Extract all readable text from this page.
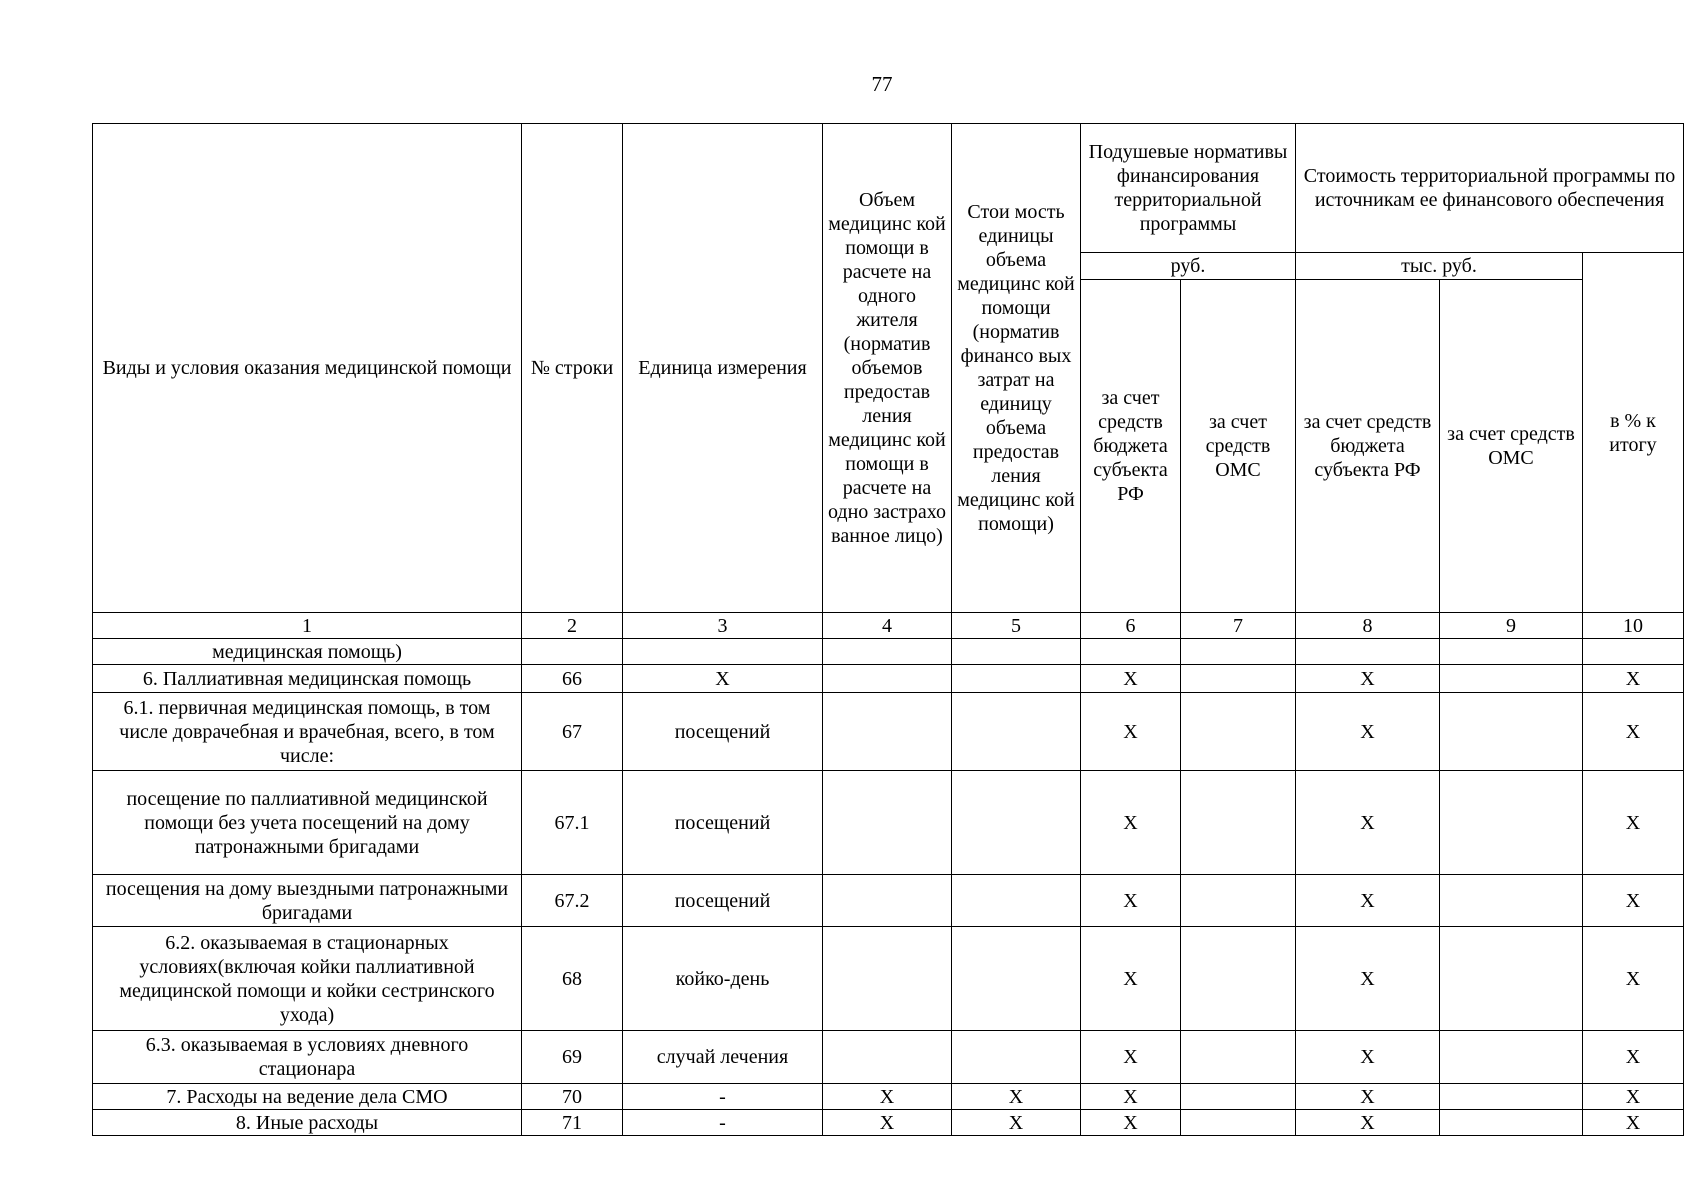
77
Виды и условия оказания медицинской помощи	№ строки	Единица измерения	Объем медицинс кой помощи в расчете на одного жителя (норматив объемов предостав ления медицинс кой помощи в расчете на одно застрахо ванное лицо)	Стои мость единицы объема медицинс кой помощи (норматив финансо вых затрат на единицу объема предостав ления медицинс кой помощи)	Подушевые нормативы финансирования территориальной программы		Стоимость территориальной программы по источникам ее финансового обеспечения		
					руб.		тыс. руб.		в % к итогу
					за счет средств бюджета субъекта РФ	за счет средств ОМС	за счет средств бюджета субъекта РФ	за счет средств ОМС	
1	2	3	4	5	6	7	8	9	10
медицинская помощь)									
6. Паллиативная медицинская помощь	66	Х			Х		Х		Х
6.1. первичная медицинская помощь, в том числе доврачебная и врачебная, всего, в том числе:	67	посещений			Х		Х		Х
посещение по паллиативной медицинской помощи без учета посещений на дому патронажными бригадами	67.1	посещений			Х		Х		Х
посещения на дому выездными патронажными бригадами	67.2	посещений			Х		Х		Х
6.2. оказываемая в стационарных условиях(включая койки паллиативной медицинской помощи и койки сестринского ухода)	68	койко-день			Х		Х		Х
6.3. оказываемая в условиях дневного стационара	69	случай лечения			Х		Х		Х
7. Расходы на ведение дела СМО	70	-	Х	Х	Х		Х		Х
8. Иные расходы	71	-	Х	Х	Х		Х		Х
